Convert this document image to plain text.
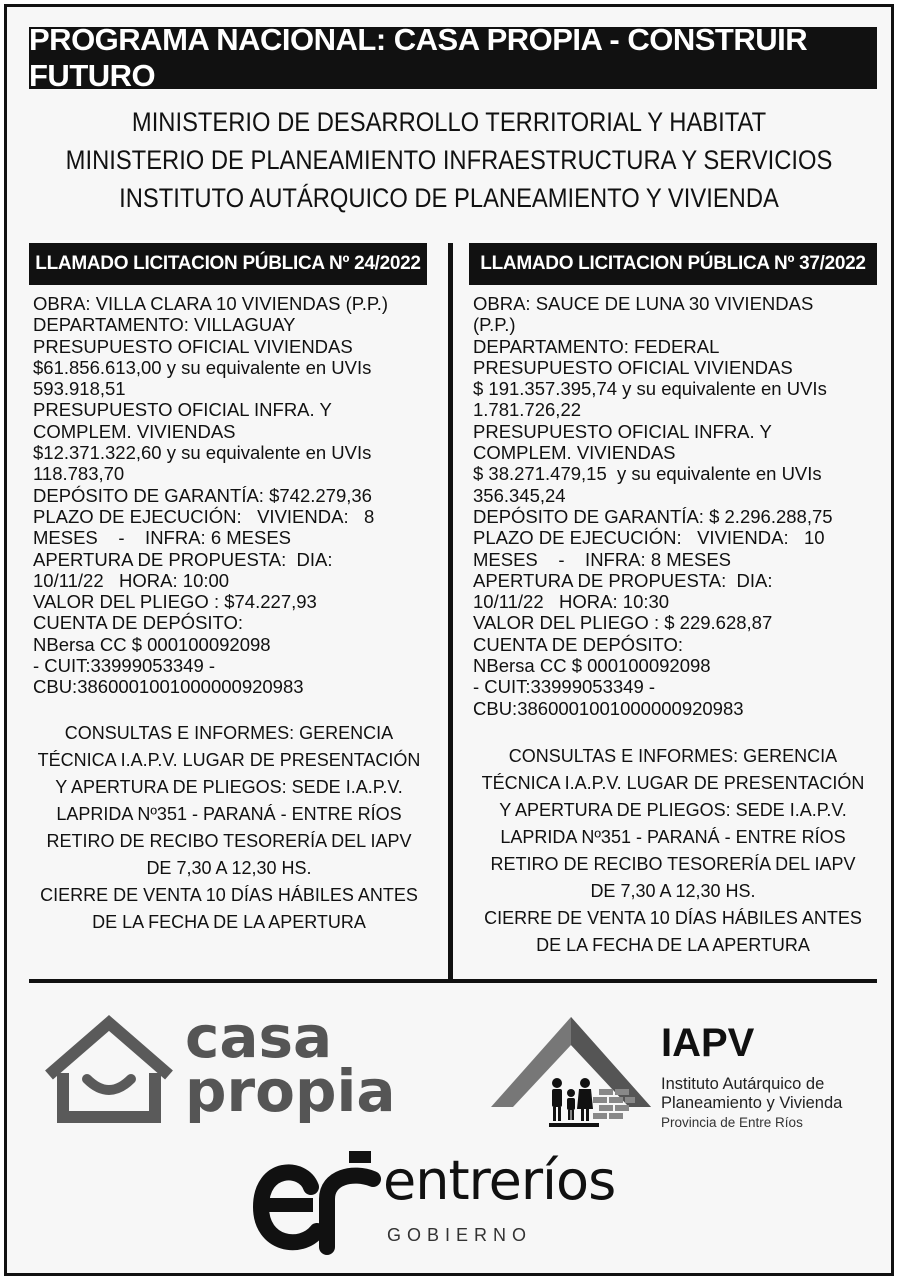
PROGRAMA NACIONAL: CASA PROPIA - CONSTRUIR FUTURO
MINISTERIO DE DESARROLLO TERRITORIAL Y HABITAT
MINISTERIO DE PLANEAMIENTO INFRAESTRUCTURA Y SERVICIOS
INSTITUTO AUTÁRQUICO DE PLANEAMIENTO Y VIVIENDA
LLAMADO LICITACION PÚBLICA Nº 24/2022
OBRA: VILLA CLARA 10 VIVIENDAS (P.P.)
DEPARTAMENTO: VILLAGUAY
PRESUPUESTO OFICIAL VIVIENDAS
$61.856.613,00 y su equivalente en UVIs
593.918,51
PRESUPUESTO OFICIAL INFRA. Y
COMPLEM. VIVIENDAS
$12.371.322,60 y su equivalente en UVIs
118.783,70
DEPÓSITO DE GARANTÍA: $742.279,36
PLAZO DE EJECUCIÓN:   VIVIENDA:   8
MESES    -    INFRA: 6 MESES
APERTURA DE PROPUESTA:  DIA:
10/11/22   HORA: 10:00
VALOR DEL PLIEGO : $74.227,93
CUENTA DE DEPÓSITO:
NBersa CC $ 000100092098
- CUIT:33999053349 -
CBU:3860001001000000920983
CONSULTAS E INFORMES: GERENCIA
TÉCNICA I.A.P.V. LUGAR DE PRESENTACIÓN
Y APERTURA DE PLIEGOS: SEDE I.A.P.V.
LAPRIDA Nº351 - PARANÁ - ENTRE RÍOS
RETIRO DE RECIBO TESORERÍA DEL IAPV
DE 7,30 A 12,30 HS.
CIERRE DE VENTA 10 DÍAS HÁBILES ANTES
DE LA FECHA DE LA APERTURA
LLAMADO LICITACION PÚBLICA Nº 37/2022
OBRA: SAUCE DE LUNA 30 VIVIENDAS
(P.P.)
DEPARTAMENTO: FEDERAL
PRESUPUESTO OFICIAL VIVIENDAS
$ 191.357.395,74 y su equivalente en UVIs
1.781.726,22
PRESUPUESTO OFICIAL INFRA. Y
COMPLEM. VIVIENDAS
$ 38.271.479,15  y su equivalente en UVIs
356.345,24
DEPÓSITO DE GARANTÍA: $ 2.296.288,75
PLAZO DE EJECUCIÓN:   VIVIENDA:   10
MESES    -    INFRA: 8 MESES
APERTURA DE PROPUESTA:  DIA:
10/11/22   HORA: 10:30
VALOR DEL PLIEGO : $ 229.628,87
CUENTA DE DEPÓSITO:
NBersa CC $ 000100092098
- CUIT:33999053349 -
CBU:3860001001000000920983
CONSULTAS E INFORMES: GERENCIA
TÉCNICA I.A.P.V. LUGAR DE PRESENTACIÓN
Y APERTURA DE PLIEGOS: SEDE I.A.P.V.
LAPRIDA Nº351 - PARANÁ - ENTRE RÍOS
RETIRO DE RECIBO TESORERÍA DEL IAPV
DE 7,30 A 12,30 HS.
CIERRE DE VENTA 10 DÍAS HÁBILES ANTES
DE LA FECHA DE LA APERTURA
casa
propia
IAPV
Instituto Autárquico de
Planeamiento y Vivienda
Provincia de Entre Ríos
entreríos
GOBIERNO
